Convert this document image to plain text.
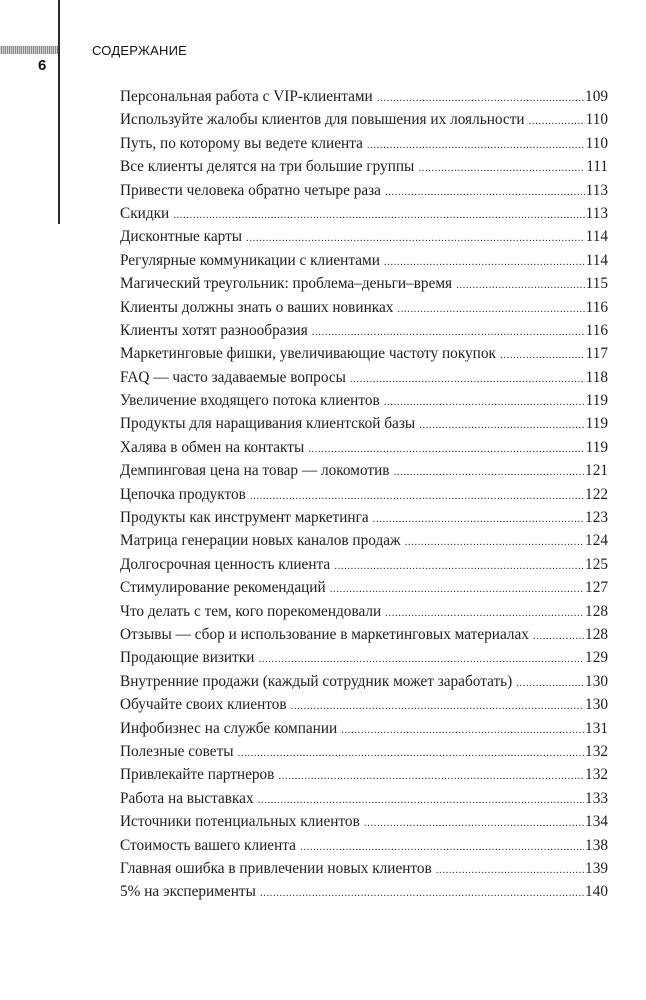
6
СОДЕРЖАНИЕ
Персональная работа с VIP-клиентами .....	109
Используйте жалобы клиентов для повышения их лояльности .....	110
Путь, по которому вы ведете клиента .....	110
Все клиенты делятся на три большие группы .....	111
Привести человека обратно четыре раза .....	113
Скидки .....	113
Дисконтные карты .....	114
Регулярные коммуникации с клиентами .....	114
Магический треугольник: проблема–деньги–время .....	115
Клиенты должны знать о ваших новинках .....	116
Клиенты хотят разнообразия .....	116
Маркетинговые фишки, увеличивающие частоту покупок .....	117
FAQ — часто задаваемые вопросы .....	118
Увеличение входящего потока клиентов .....	119
Продукты для наращивания клиентской базы .....	119
Халява в обмен на контакты .....	119
Демпинговая цена на товар — локомотив .....	121
Цепочка продуктов .....	122
Продукты как инструмент маркетинга .....	123
Матрица генерации новых каналов продаж .....	124
Долгосрочная ценность клиента .....	125
Стимулирование рекомендаций .....	127
Что делать с тем, кого порекомендовали .....	128
Отзывы — сбор и использование в маркетинговых материалах .....	128
Продающие визитки .....	129
Внутренние продажи (каждый сотрудник может заработать) .....	130
Обучайте своих клиентов .....	130
Инфобизнес на службе компании .....	131
Полезные советы .....	132
Привлекайте партнеров .....	132
Работа на выставках .....	133
Источники потенциальных клиентов .....	134
Стоимость вашего клиента .....	138
Главная ошибка в привлечении новых клиентов .....	139
5% на эксперименты .....	140
